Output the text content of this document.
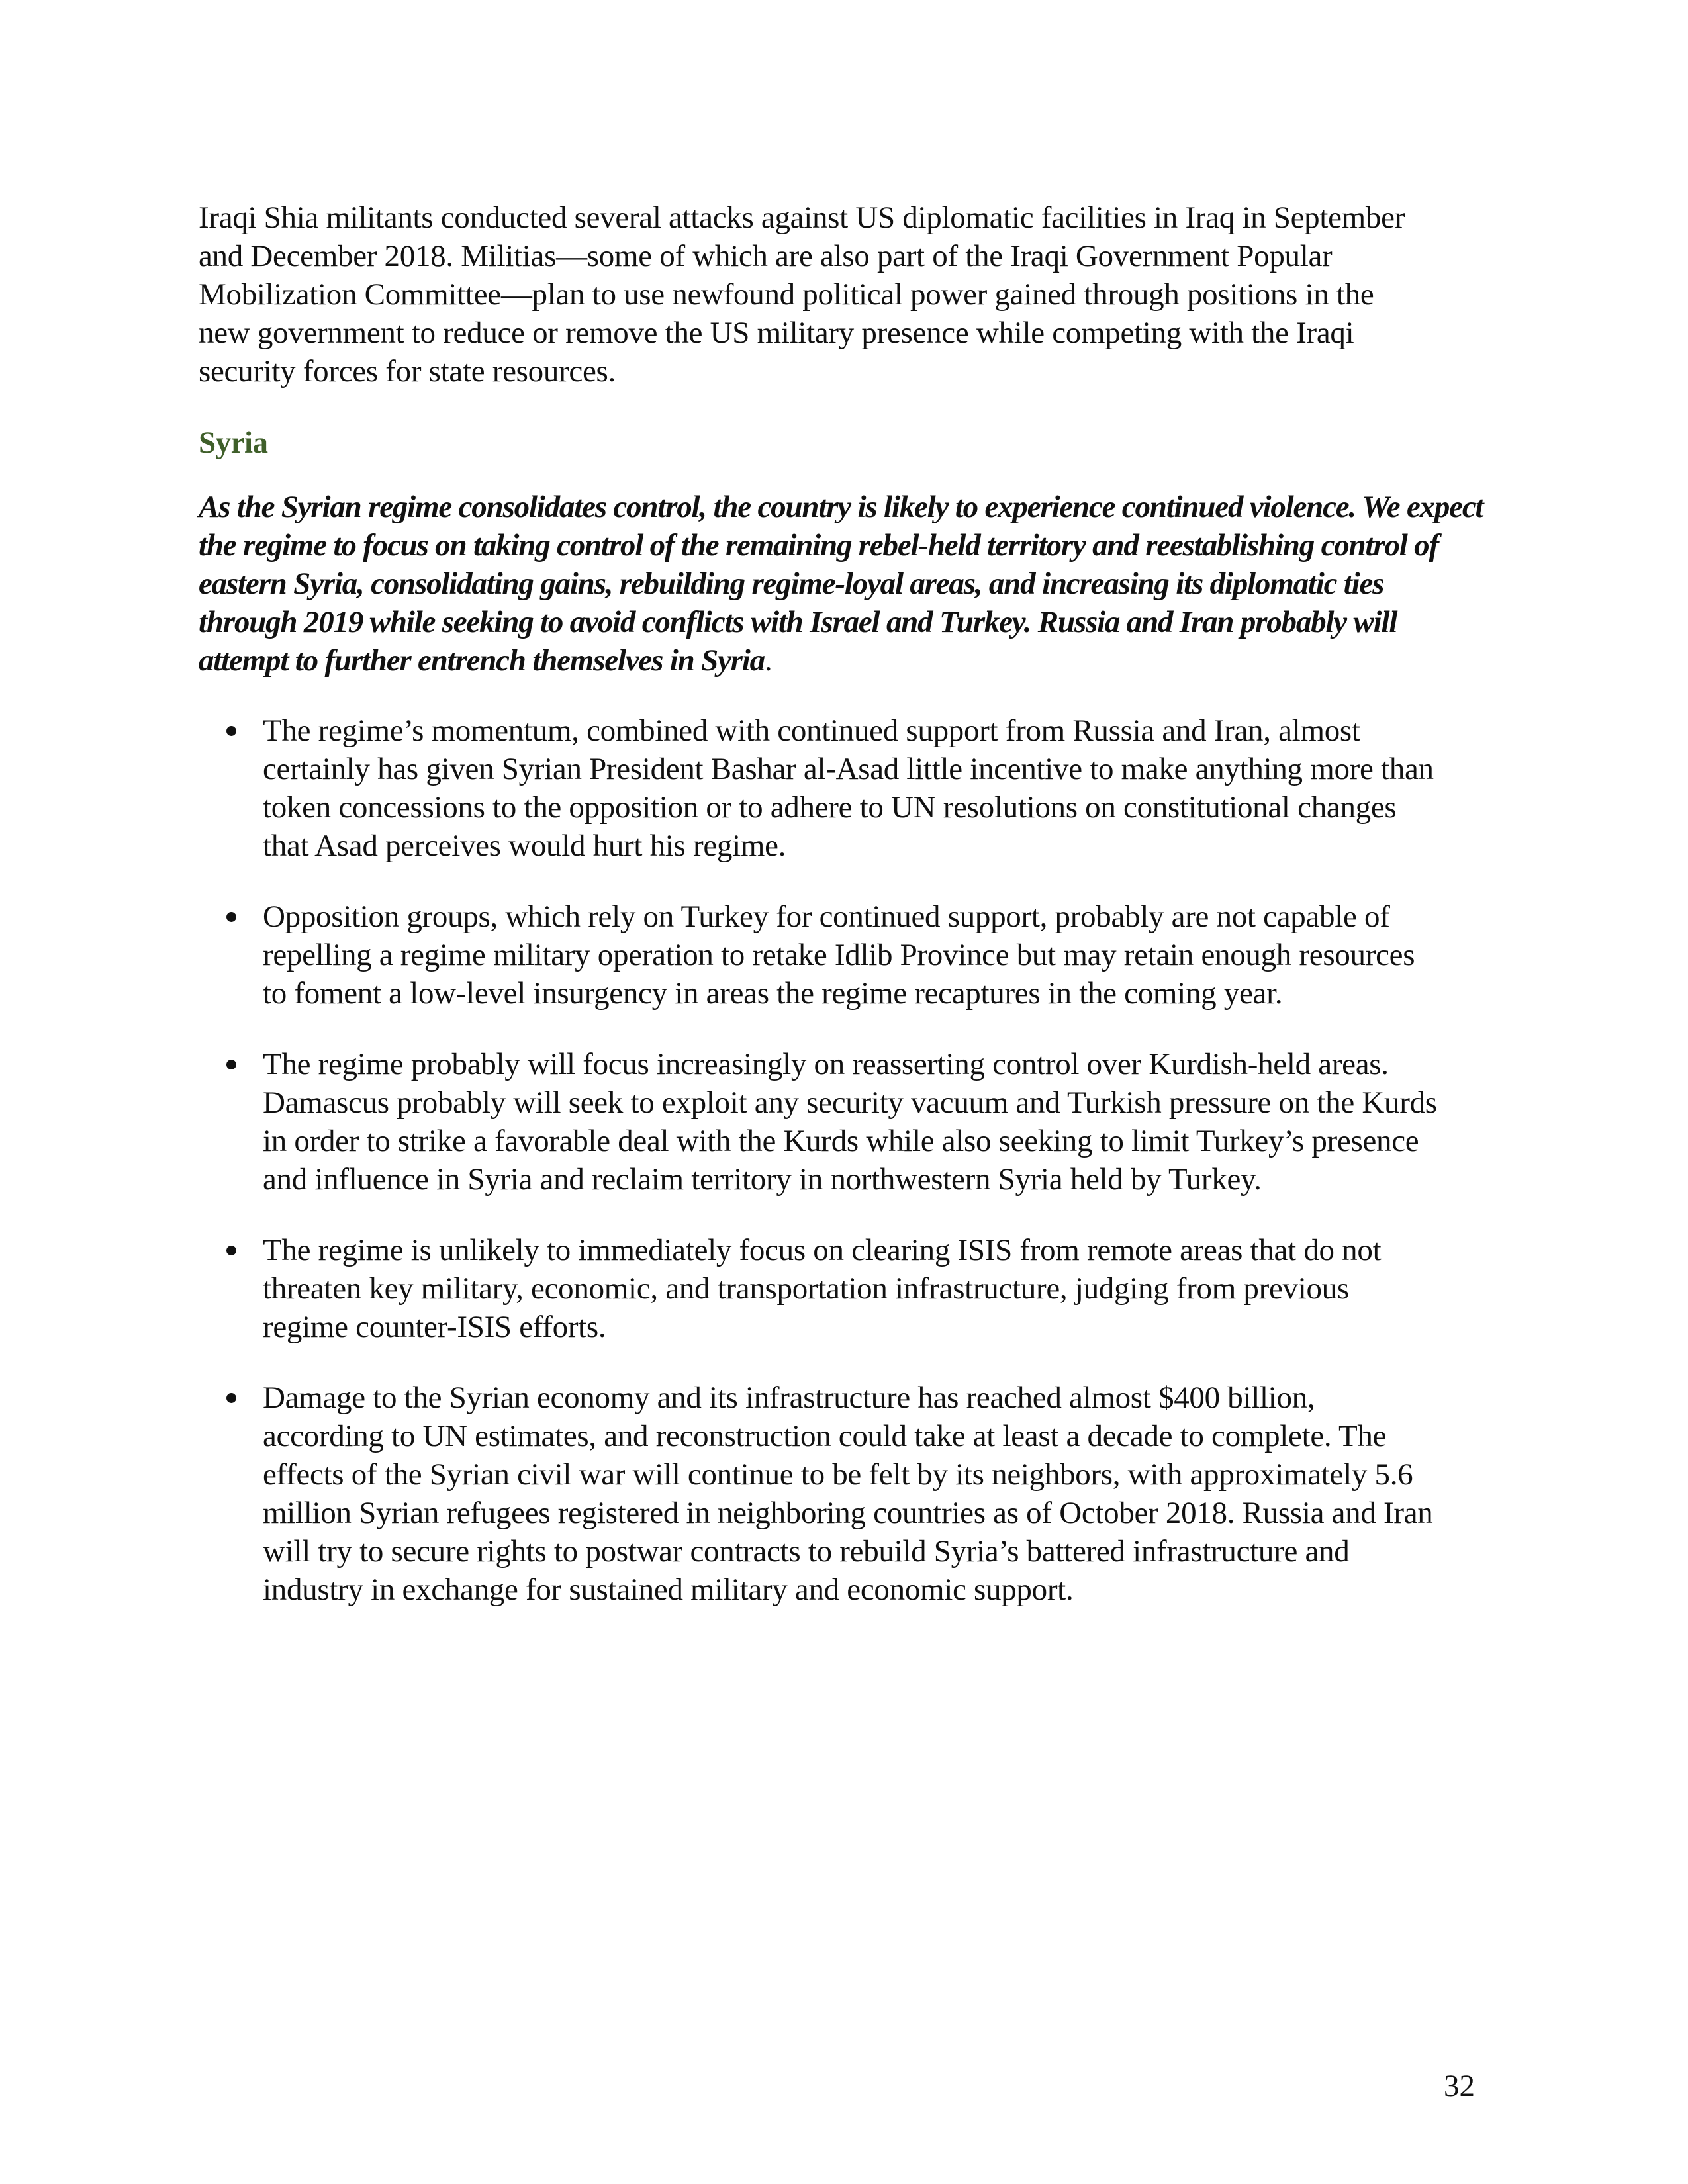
Iraqi Shia militants conducted several attacks against US diplomatic facilities in Iraq in September
and December 2018. Militias—some of which are also part of the Iraqi Government Popular
Mobilization Committee—plan to use newfound political power gained through positions in the
new government to reduce or remove the US military presence while competing with the Iraqi
security forces for state resources.

Syria

As the Syrian regime consolidates control, the country is likely to experience continued violence. We expect
the regime to focus on taking control of the remaining rebel-held territory and reestablishing control of
eastern Syria, consolidating gains, rebuilding regime-loyal areas, and increasing its diplomatic ties
through 2019 while seeking to avoid conflicts with Israel and Turkey. Russia and Iran probably will
attempt to further entrench themselves in Syria.

The regime’s momentum, combined with continued support from Russia and Iran, almost
certainly has given Syrian President Bashar al-Asad little incentive to make anything more than
token concessions to the opposition or to adhere to UN resolutions on constitutional changes
that Asad perceives would hurt his regime.
Opposition groups, which rely on Turkey for continued support, probably are not capable of
repelling a regime military operation to retake Idlib Province but may retain enough resources
to foment a low-level insurgency in areas the regime recaptures in the coming year.
The regime probably will focus increasingly on reasserting control over Kurdish-held areas.
Damascus probably will seek to exploit any security vacuum and Turkish pressure on the Kurds
in order to strike a favorable deal with the Kurds while also seeking to limit Turkey’s presence
and influence in Syria and reclaim territory in northwestern Syria held by Turkey.
The regime is unlikely to immediately focus on clearing ISIS from remote areas that do not
threaten key military, economic, and transportation infrastructure, judging from previous
regime counter-ISIS efforts.
Damage to the Syrian economy and its infrastructure has reached almost $400 billion,
according to UN estimates, and reconstruction could take at least a decade to complete. The
effects of the Syrian civil war will continue to be felt by its neighbors, with approximately 5.6
million Syrian refugees registered in neighboring countries as of October 2018. Russia and Iran
will try to secure rights to postwar contracts to rebuild Syria’s battered infrastructure and
industry in exchange for sustained military and economic support.
32
